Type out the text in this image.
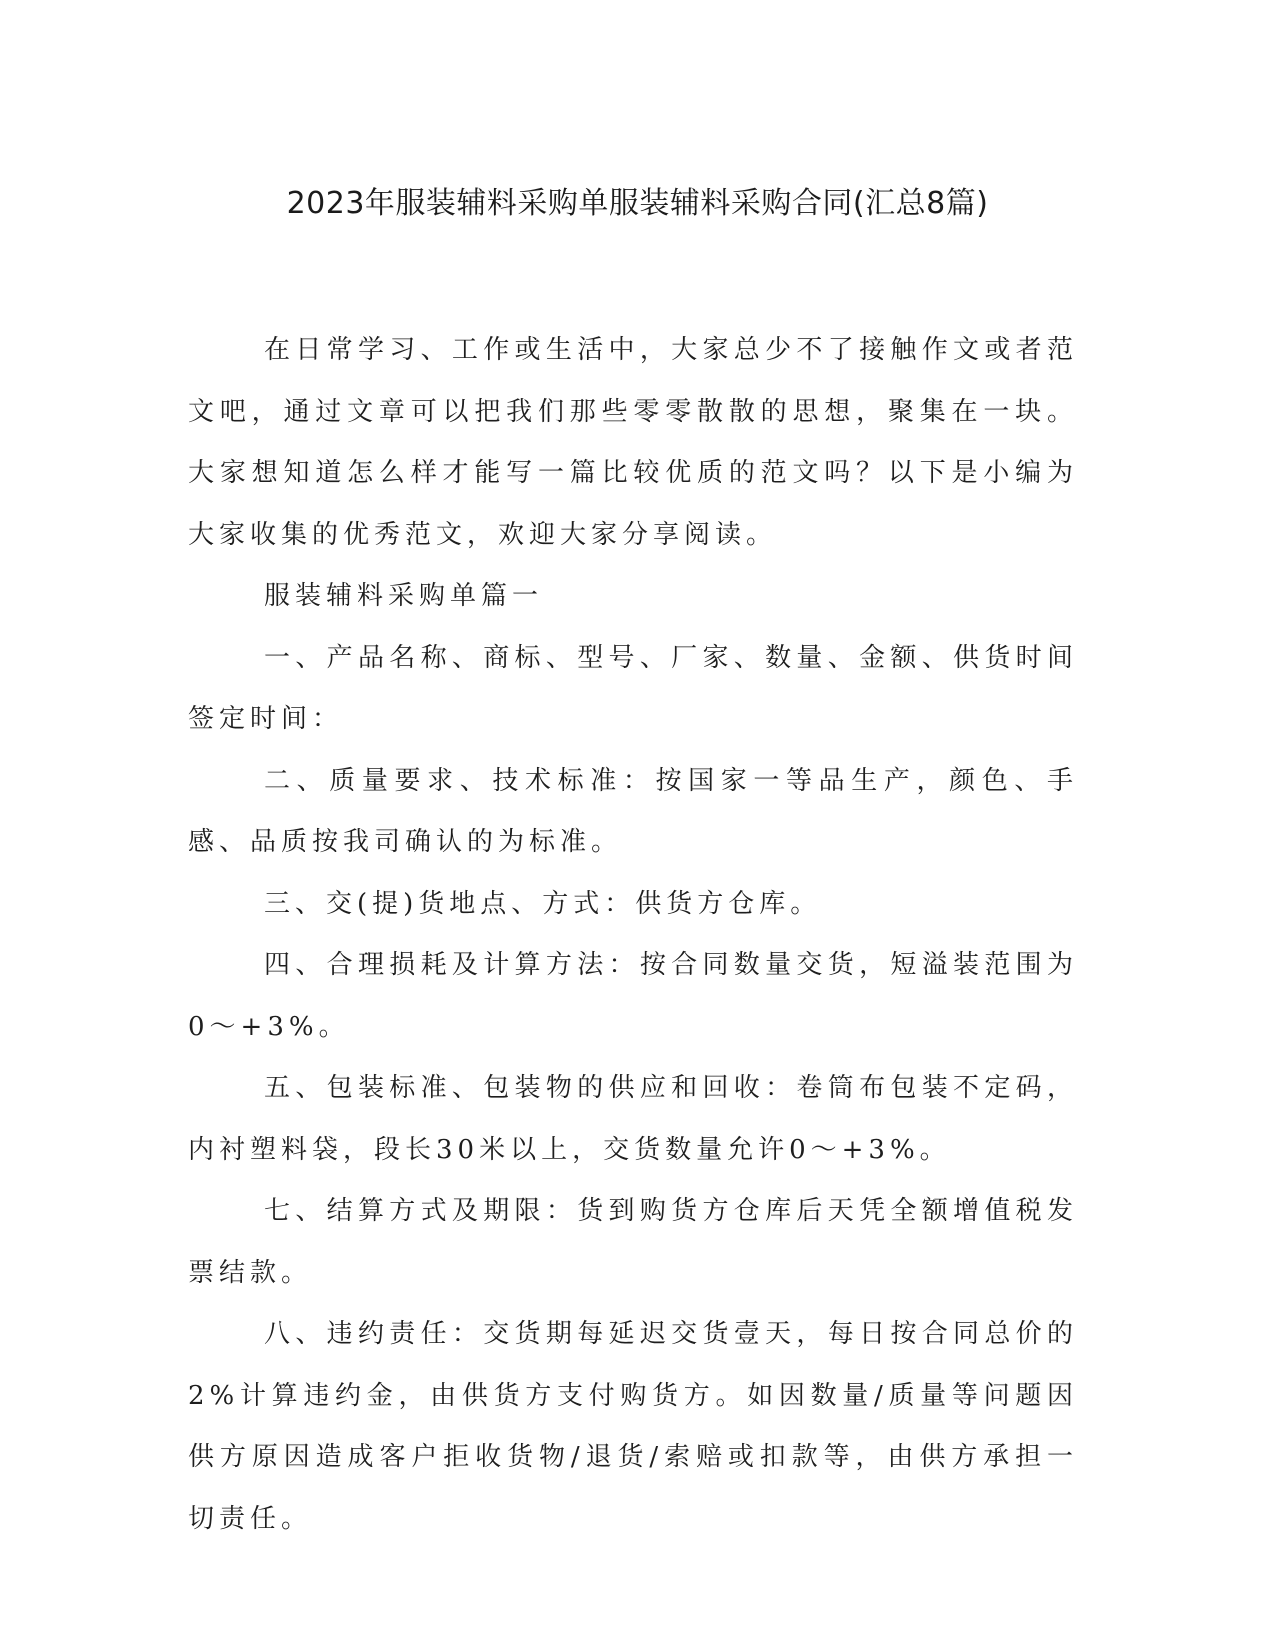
2023年服装辅料采购单服装辅料采购合同(汇总8篇)

在日常学习、工作或生活中，大家总少不了接触作文或者范文吧，通过文章可以把我们那些零零散散的思想，聚集在一块。大家想知道怎么样才能写一篇比较优质的范文吗？以下是小编为大家收集的优秀范文，欢迎大家分享阅读。

服装辅料采购单篇一

一、产品名称、商标、型号、厂家、数量、金额、供货时间签定时间：

二、质量要求、技术标准：按国家一等品生产，颜色、手感、品质按我司确认的为标准。

三、交(提)货地点、方式：供货方仓库。

四、合理损耗及计算方法：按合同数量交货，短溢装范围为0～+3%。

五、包装标准、包装物的供应和回收：卷筒布包装不定码，内衬塑料袋，段长30米以上，交货数量允许0～+3%。

七、结算方式及期限：货到购货方仓库后天凭全额增值税发票结款。

八、违约责任：交货期每延迟交货壹天，每日按合同总价的2%计算违约金，由供货方支付购货方。如因数量/质量等问题因供方原因造成客户拒收货物/退货/索赔或扣款等，由供方承担一切责任。
